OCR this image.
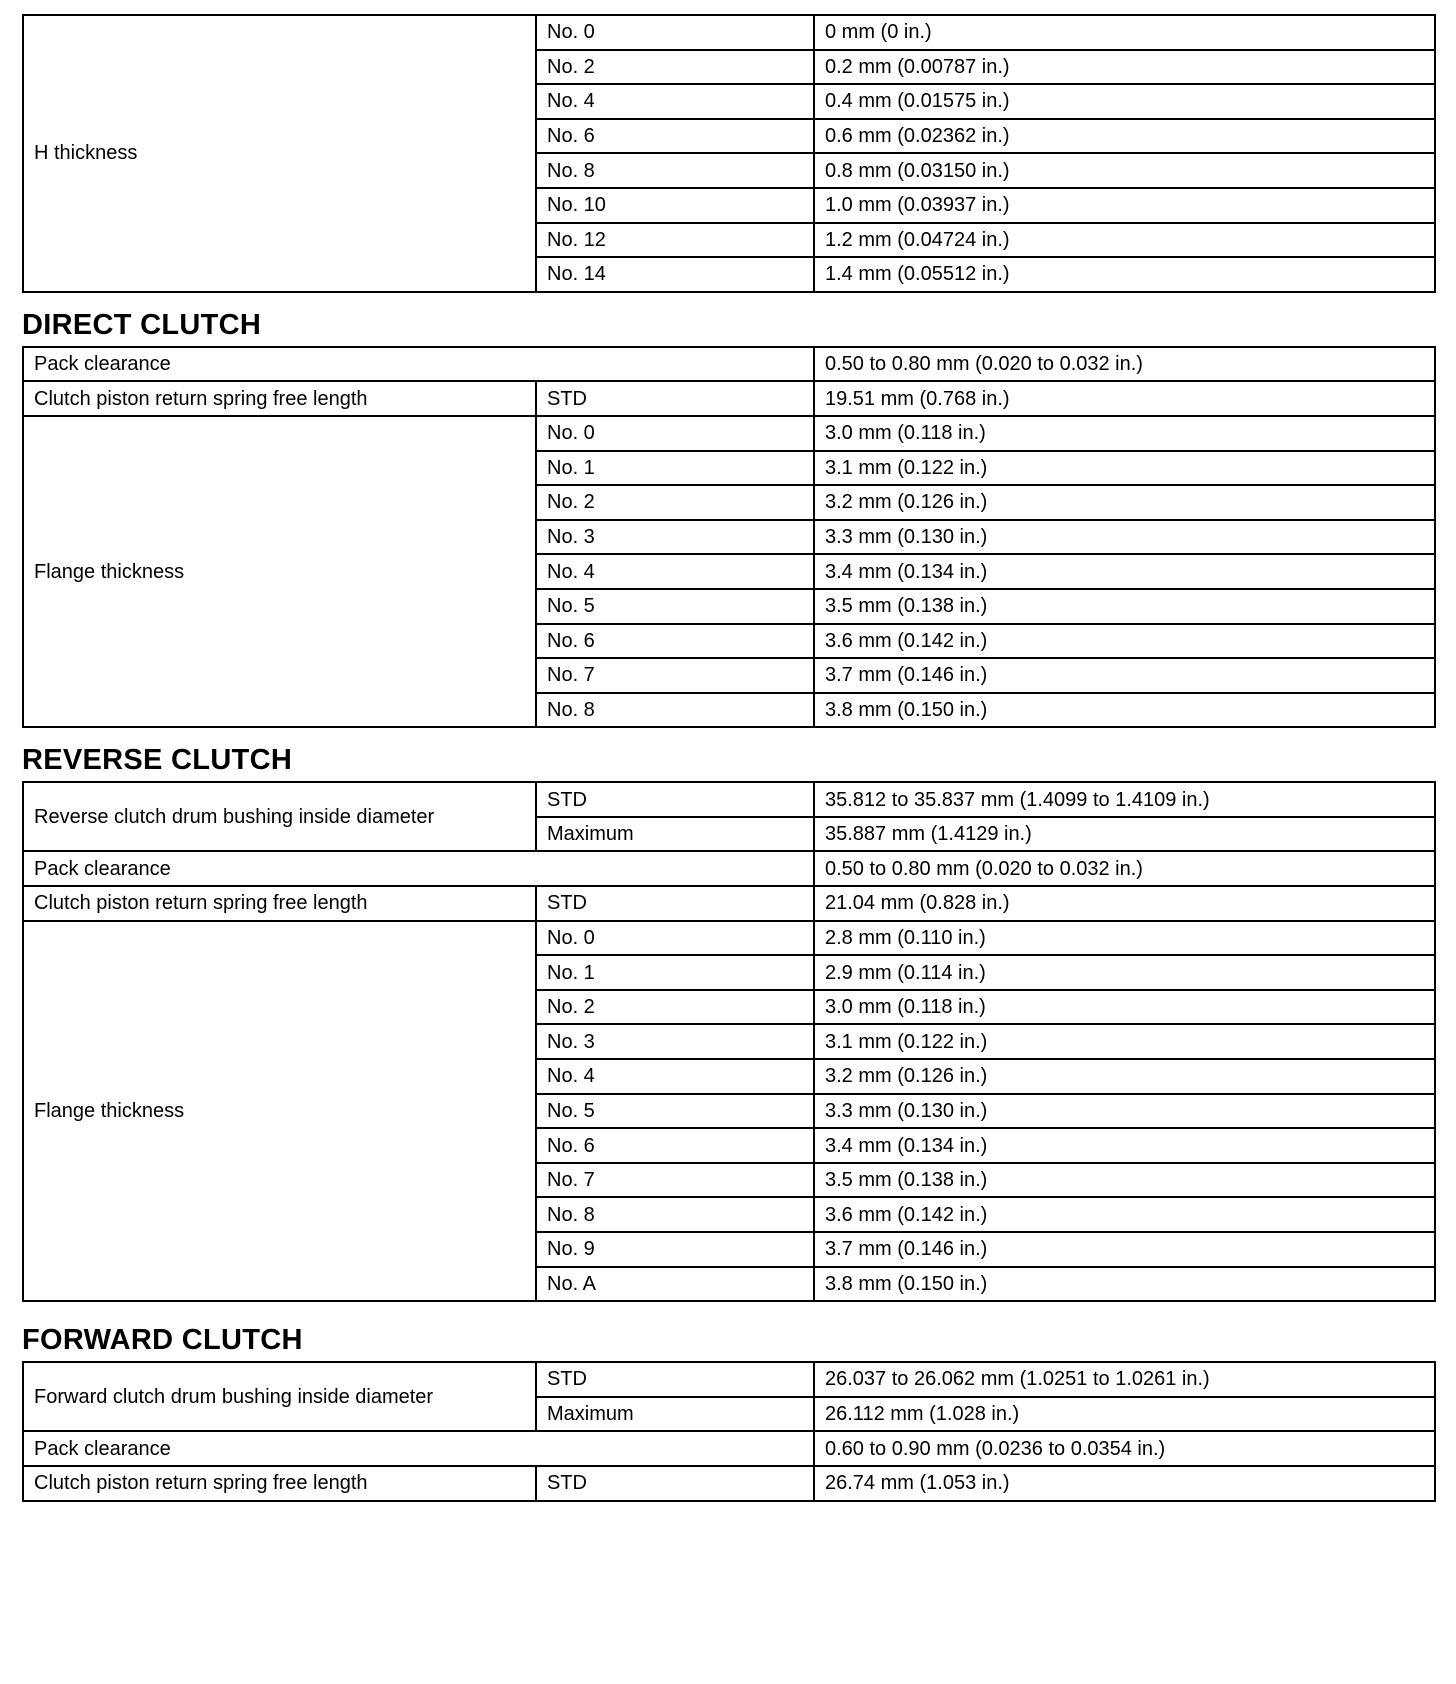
H thickness	No. 0	0 mm (0 in.)
	No. 2	0.2 mm (0.00787 in.)
	No. 4	0.4 mm (0.01575 in.)
	No. 6	0.6 mm (0.02362 in.)
	No. 8	0.8 mm (0.03150 in.)
	No. 10	1.0 mm (0.03937 in.)
	No. 12	1.2 mm (0.04724 in.)
	No. 14	1.4 mm (0.05512 in.)
DIRECT CLUTCH
Pack clearance		0.50 to 0.80 mm (0.020 to 0.032 in.)
Clutch piston return spring free length	STD	19.51 mm (0.768 in.)
Flange thickness	No. 0	3.0 mm (0.118 in.)
	No. 1	3.1 mm (0.122 in.)
	No. 2	3.2 mm (0.126 in.)
	No. 3	3.3 mm (0.130 in.)
	No. 4	3.4 mm (0.134 in.)
	No. 5	3.5 mm (0.138 in.)
	No. 6	3.6 mm (0.142 in.)
	No. 7	3.7 mm (0.146 in.)
	No. 8	3.8 mm (0.150 in.)
REVERSE CLUTCH
Reverse clutch drum bushing inside diameter	STD	35.812 to 35.837 mm (1.4099 to 1.4109 in.)
	Maximum	35.887 mm (1.4129 in.)
Pack clearance		0.50 to 0.80 mm (0.020 to 0.032 in.)
Clutch piston return spring free length	STD	21.04 mm (0.828 in.)
Flange thickness	No. 0	2.8 mm (0.110 in.)
	No. 1	2.9 mm (0.114 in.)
	No. 2	3.0 mm (0.118 in.)
	No. 3	3.1 mm (0.122 in.)
	No. 4	3.2 mm (0.126 in.)
	No. 5	3.3 mm (0.130 in.)
	No. 6	3.4 mm (0.134 in.)
	No. 7	3.5 mm (0.138 in.)
	No. 8	3.6 mm (0.142 in.)
	No. 9	3.7 mm (0.146 in.)
	No. A	3.8 mm (0.150 in.)
FORWARD CLUTCH
Forward clutch drum bushing inside diameter	STD	26.037 to 26.062 mm (1.0251 to 1.0261 in.)
	Maximum	26.112 mm (1.028 in.)
Pack clearance		0.60 to 0.90 mm (0.0236 to 0.0354 in.)
Clutch piston return spring free length	STD	26.74 mm (1.053 in.)
